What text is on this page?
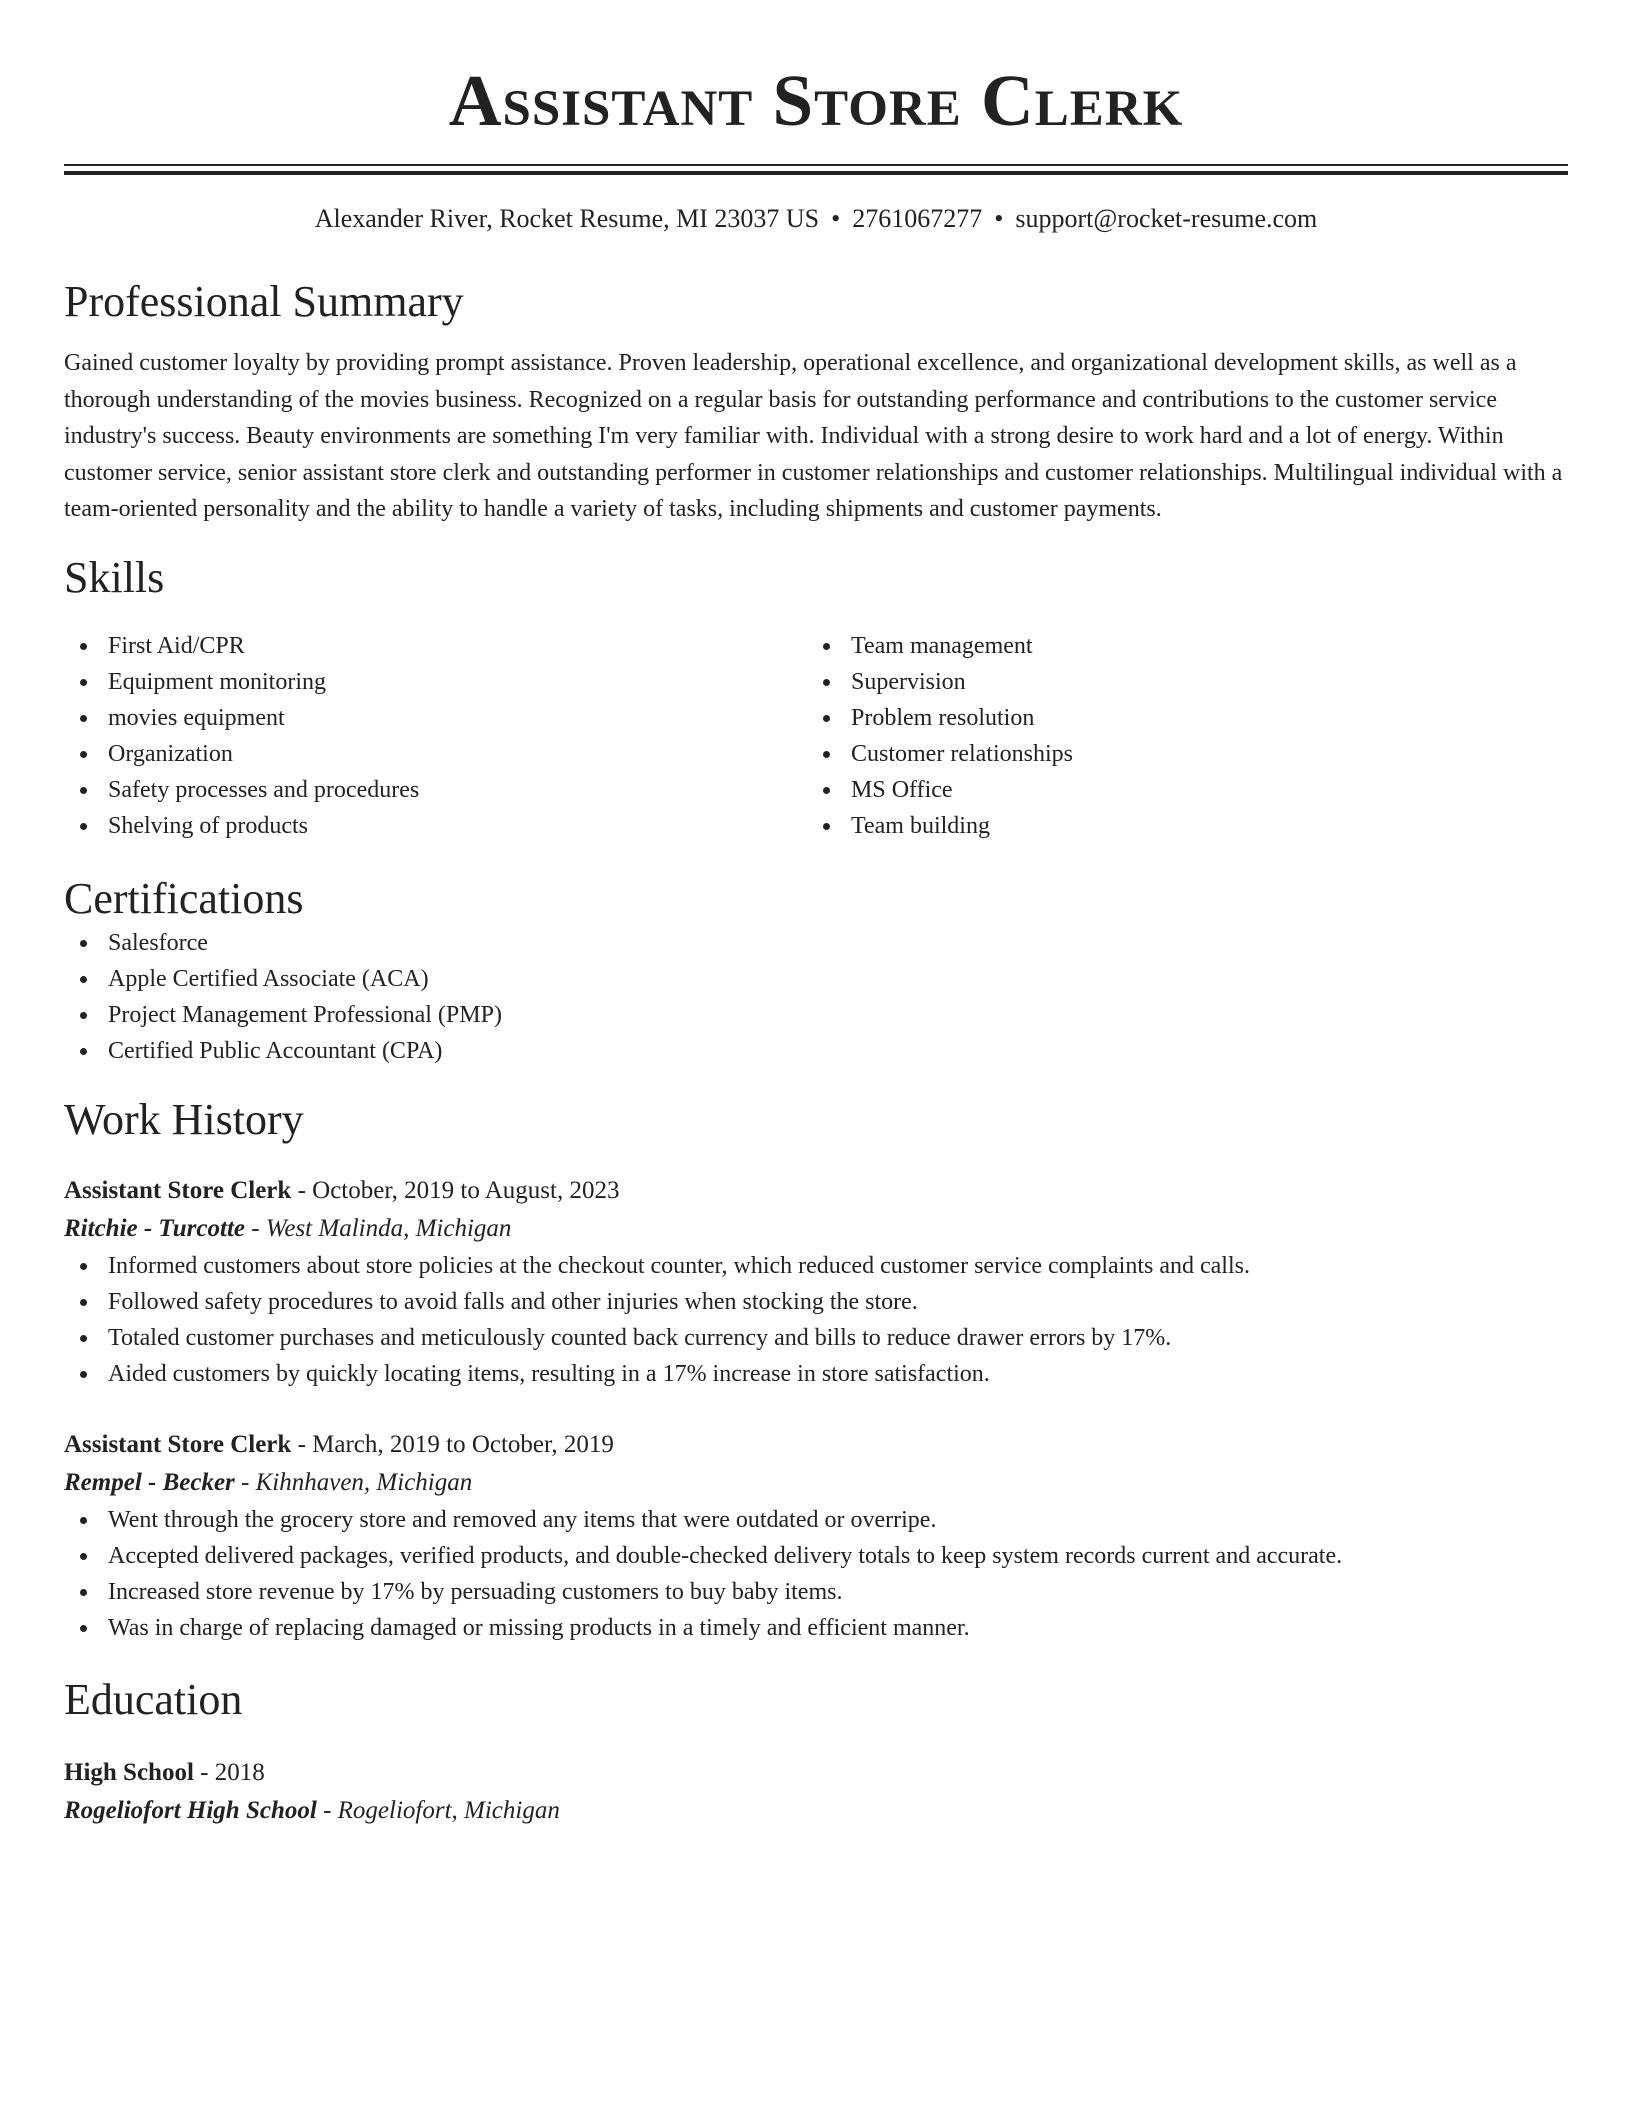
Assistant Store Clerk
Alexander River, Rocket Resume, MI 23037 US • 2761067277 • support@rocket-resume.com
Professional Summary

Gained customer loyalty by providing prompt assistance. Proven leadership, operational excellence, and organizational development skills, as well as a thorough understanding of the movies business. Recognized on a regular basis for outstanding performance and contributions to the customer service industry's success. Beauty environments are something I'm very familiar with. Individual with a strong desire to work hard and a lot of energy. Within customer service, senior assistant store clerk and outstanding performer in customer relationships and customer relationships. Multilingual individual with a team-oriented personality and the ability to handle a variety of tasks, including shipments and customer payments.

Skills
First Aid/CPR
Equipment monitoring
movies equipment
Organization
Safety processes and procedures
Shelving of products
Team management
Supervision
Problem resolution
Customer relationships
MS Office
Team building
Certifications
Salesforce
Apple Certified Associate (ACA)
Project Management Professional (PMP)
Certified Public Accountant (CPA)
Work History
Assistant Store Clerk - October, 2019 to August, 2023
Ritchie - Turcotte - West Malinda, Michigan
Informed customers about store policies at the checkout counter, which reduced customer service complaints and calls.
Followed safety procedures to avoid falls and other injuries when stocking the store.
Totaled customer purchases and meticulously counted back currency and bills to reduce drawer errors by 17%.
Aided customers by quickly locating items, resulting in a 17% increase in store satisfaction.
Assistant Store Clerk - March, 2019 to October, 2019
Rempel - Becker - Kihnhaven, Michigan
Went through the grocery store and removed any items that were outdated or overripe.
Accepted delivered packages, verified products, and double-checked delivery totals to keep system records current and accurate.
Increased store revenue by 17% by persuading customers to buy baby items.
Was in charge of replacing damaged or missing products in a timely and efficient manner.
Education
High School - 2018
Rogeliofort High School - Rogeliofort, Michigan
